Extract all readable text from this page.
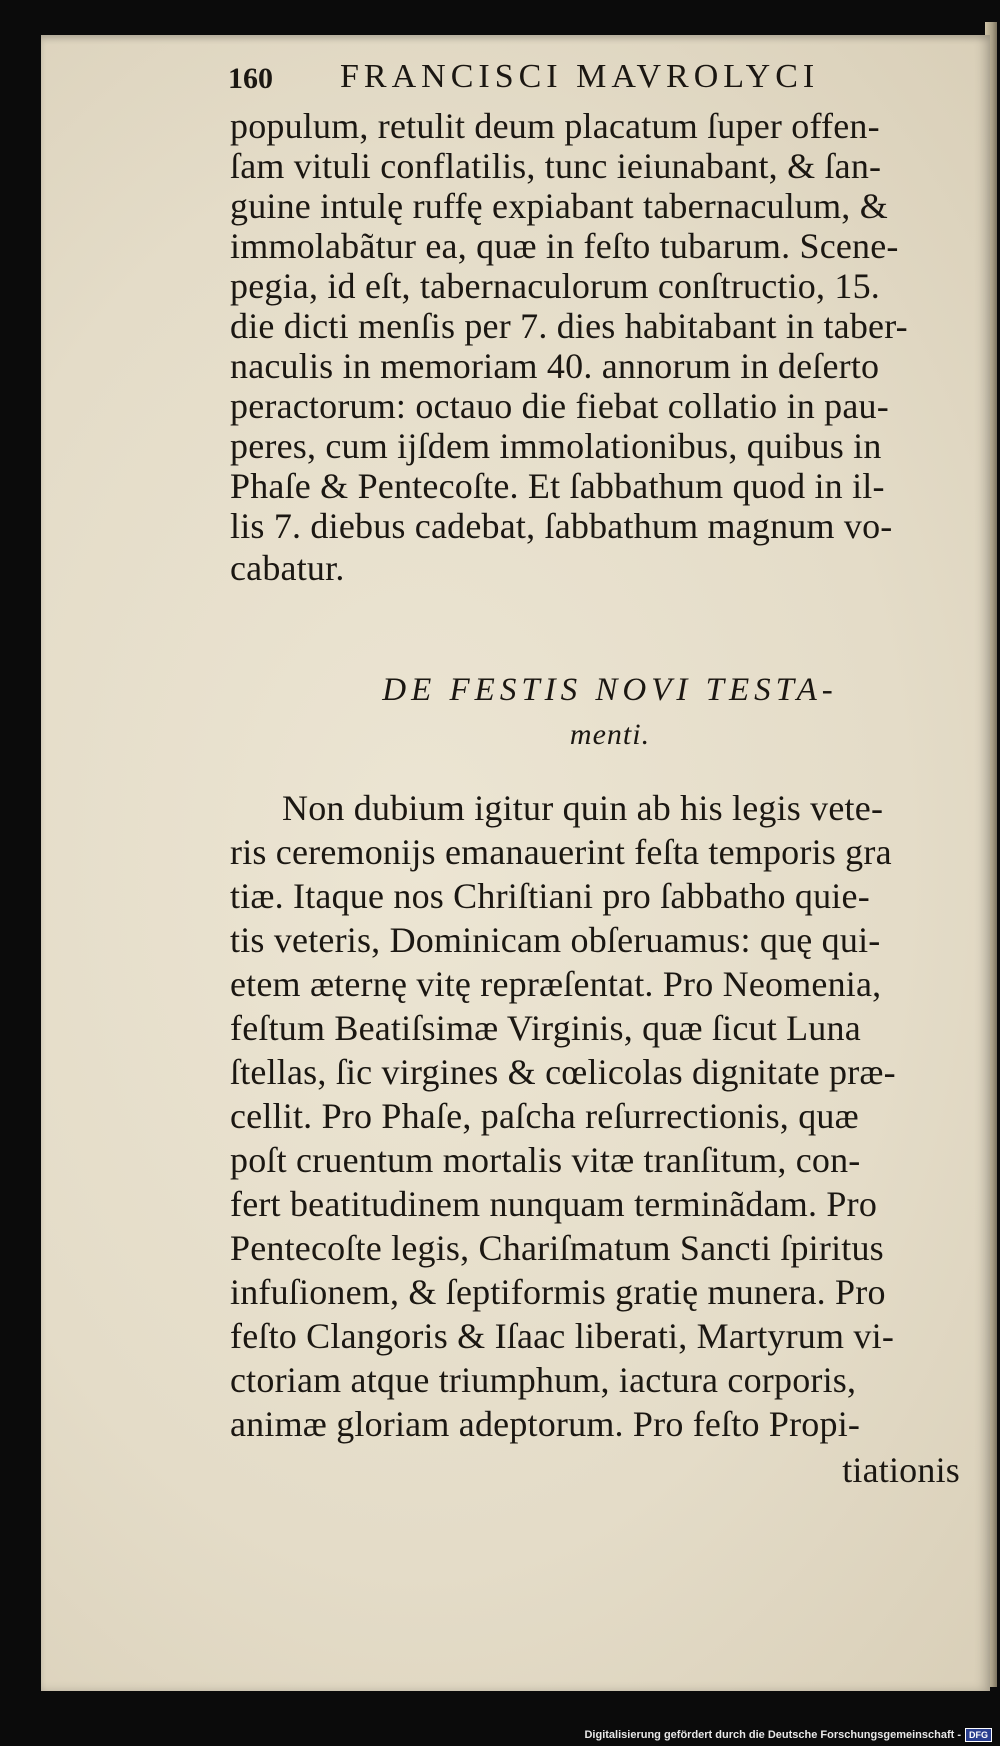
160 FRANCISCI MAVROLYCI
populum, retulit deum placatum ſuper offen-
ſam vituli conflatilis, tunc ieiunabant, & ſan-
guine intulę ruffę expiabant tabernaculum, &
immolabãtur ea, quæ in feſto tubarum. Scene-
pegia, id eſt, tabernaculorum conſtructio, 15.
die dicti menſis per 7. dies habitabant in taber-
naculis in memoriam 40. annorum in deſerto
peractorum: octauo die fiebat collatio in pau-
peres, cum ijſdem immolationibus, quibus in
Phaſe & Pentecoſte. Et ſabbathum quod in il-
lis 7. diebus cadebat, ſabbathum magnum vo-
cabatur.
DE FESTIS NOVI TESTA-
menti.
Non dubium igitur quin ab his legis vete-
ris ceremonijs emanauerint feſta temporis gra
tiæ. Itaque nos Chriſtiani pro ſabbatho quie-
tis veteris, Dominicam obſeruamus: quę qui-
etem æternę vitę repræſentat. Pro Neomenia,
feſtum Beatiſsimæ Virginis, quæ ſicut Luna
ſtellas, ſic virgines & cœlicolas dignitate præ-
cellit. Pro Phaſe, paſcha reſurrectionis, quæ
poſt cruentum mortalis vitæ tranſitum, con-
fert beatitudinem nunquam terminãdam. Pro
Pentecoſte legis, Chariſmatum Sancti ſpiritus
infuſionem, & ſeptiformis gratię munera. Pro
feſto Clangoris & Iſaac liberati, Martyrum vi-
ctoriam atque triumphum, iactura corporis,
animæ gloriam adeptorum. Pro feſto Propi-
tiationis
Digitalisierung gefördert durch die Deutsche Forschungsgemeinschaft - DFG
